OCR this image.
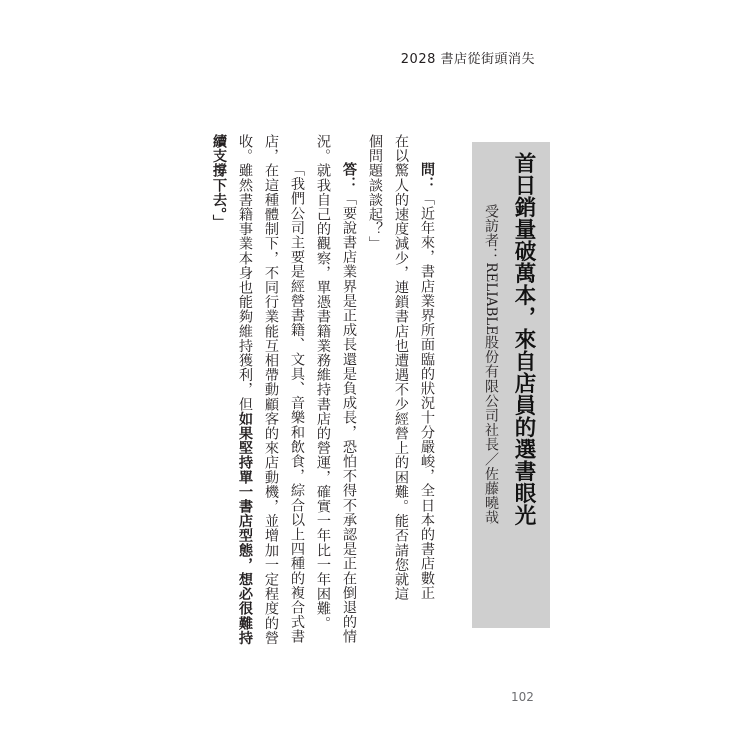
2028 書店從街頭消失
首日銷量破萬本，來自店員的選書眼光
受訪者：RELIABLE股份有限公司社長／佐藤曉哉
問：「近年來，書店業界所面臨的狀況十分嚴峻，全日本的書店數正
在以驚人的速度減少，連鎖書店也遭遇不少經營上的困難。能否請您就這
個問題談談起？」
答：「要說書店業界是正成長還是負成長，恐怕不得不承認是正在倒退的情
況。就我自己的觀察，單憑書籍業務維持書店的營運，確實一年比一年困難。
「我們公司主要是經營書籍、文具、音樂和飲食，綜合以上四種的複合式書
店，在這種體制下，不同行業能互相帶動顧客的來店動機，並增加一定程度的營
收。雖然書籍事業本身也能夠維持獲利，但如果堅持單一書店型態，想必很難持
續支撐下去。」
102
